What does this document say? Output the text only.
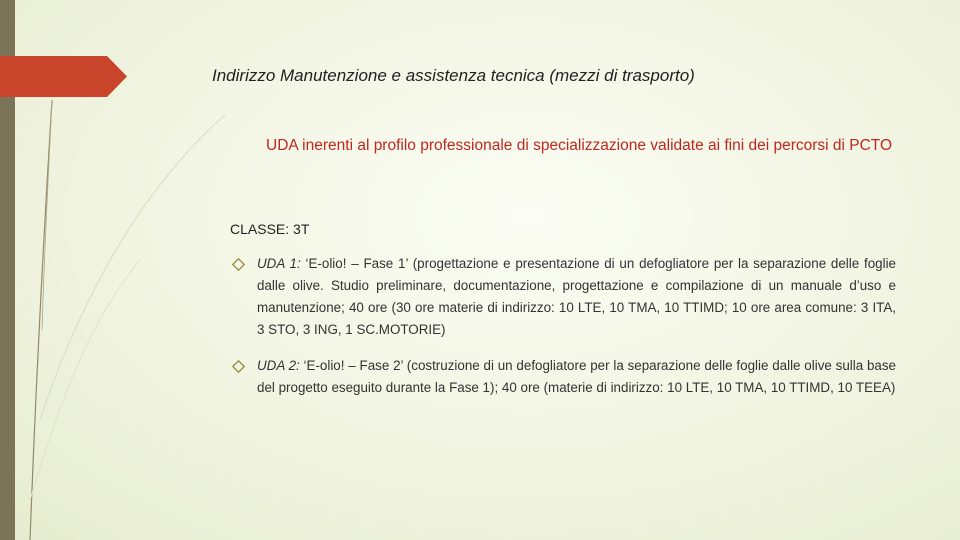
Indirizzo Manutenzione e assistenza tecnica (mezzi di trasporto)
UDA inerenti al profilo professionale di specializzazione validate ai fini dei percorsi di PCTO
CLASSE: 3T
UDA 1: ‘E-olio! – Fase 1’ (progettazione e presentazione di un defogliatore per la separazione delle foglie dalle olive. Studio preliminare, documentazione, progettazione e compilazione di un manuale d’uso e manutenzione; 40 ore (30 ore materie di indirizzo: 10 LTE, 10 TMA, 10 TTIMD; 10 ore area comune: 3 ITA, 3 STO, 3 ING, 1 SC.MOTORIE)
UDA 2: ‘E-olio! – Fase 2’ (costruzione di un defogliatore per la separazione delle foglie dalle olive sulla base del progetto eseguito durante la Fase 1); 40 ore (materie di indirizzo: 10 LTE, 10 TMA, 10 TTIMD, 10 TEEA)
